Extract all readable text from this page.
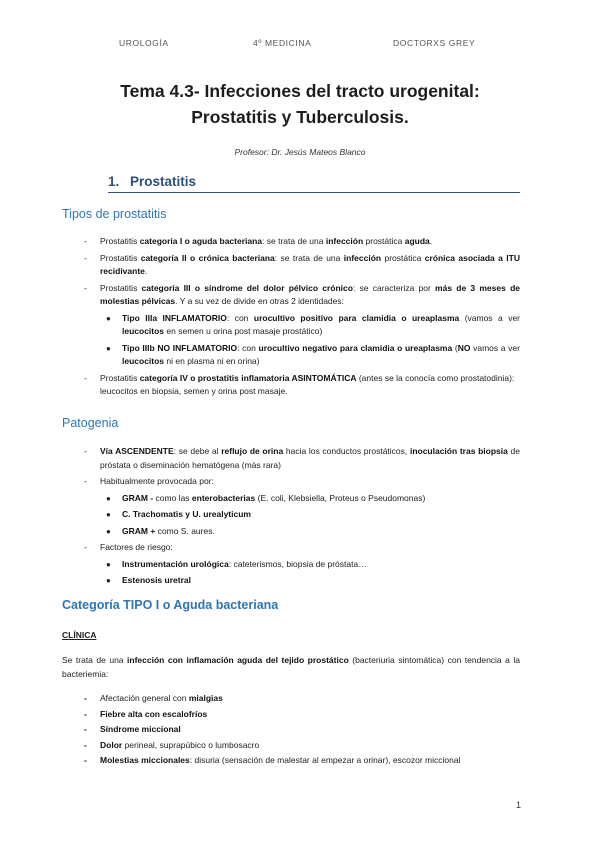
UROLOGÍA	4º MEDICINA	DOCTORXS GREY
Tema 4.3- Infecciones del tracto urogenital:
Prostatitis y Tuberculosis.
Profesor: Dr. Jesús Mateos Blanco
1. Prostatitis
Tipos de prostatitis
- Prostatitis categoría I o aguda bacteriana: se trata de una infección prostática aguda.
- Prostatitis categoría II o crónica bacteriana: se trata de una infección prostática crónica asociada a ITU recidivante.
- Prostatitis categoría III o síndrome del dolor pélvico crónico: se caracteriza por más de 3 meses de molestias pélvicas. Y a su vez de divide en otras 2 identidades:
● Tipo IIIa INFLAMATORIO: con urocultivo positivo para clamidia o ureaplasma (vamos a ver leucocitos en semen u orina post masaje prostático)
● Tipo IIIb NO INFLAMATORIO: con urocultivo negativo para clamidia o ureaplasma (NO vamos a ver leucocitos ni en plasma ni en orina)
- Prostatitis categoría IV o prostatitis inflamatoria ASINTOMÁTICA (antes se la conocía como prostatodinia): leucocitos en biopsia, semen y orina post masaje.
Patogenia
- Vía ASCENDENTE: se debe al reflujo de orina hacia los conductos prostáticos, inoculación tras biopsia de próstata o diseminación hematógena (más rara)
- Habitualmente provocada por:
● GRAM - como las enterobacterias (E. coli, Klebsiella, Proteus o Pseudomonas)
● C. Trachomatis y U. urealyticum
● GRAM + como S. aures.
- Factores de riesgo:
● Instrumentación urológica: cateterismos, biopsia de próstata…
● Estenosis uretral
Categoría TIPO I o Aguda bacteriana
CLÍNICA
Se trata de una infección con inflamación aguda del tejido prostático (bacteriuria sintomática) con tendencia a la bacteriemia:
- Afectación general con mialgias
- Fiebre alta con escalofríos
- Síndrome miccional
- Dolor perineal, suprapúbico o lumbosacro
- Molestias miccionales: disuria (sensación de malestar al empezar a orinar), escozor miccional
1
